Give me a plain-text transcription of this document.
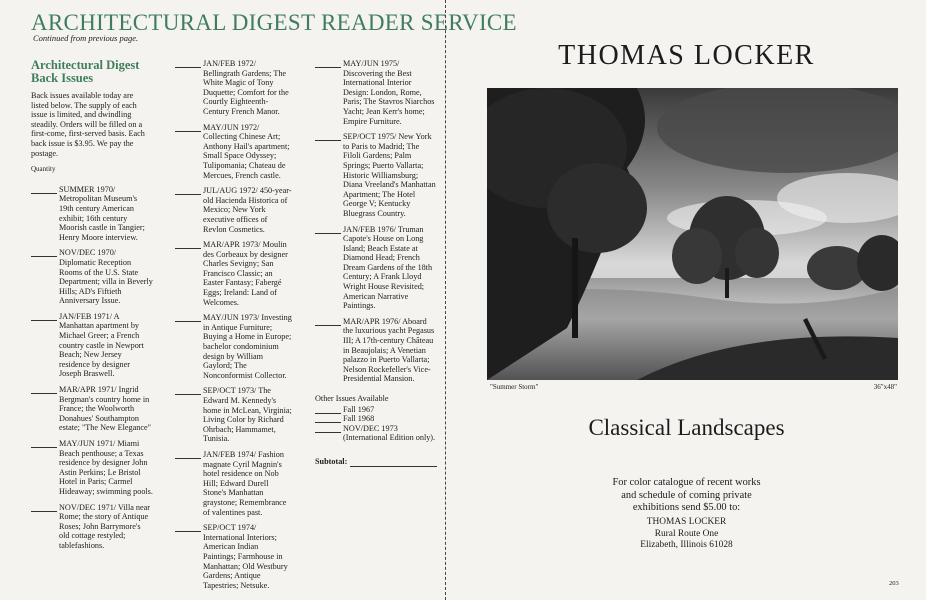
ARCHITECTURAL DIGEST READER SERVICE
Continued from previous page.
Architectural Digest
Back Issues
Back issues available today are listed below. The supply of each issue is limited, and dwindling steadily. Orders will be filled on a first-come, first-served basis. Each back issue is $3.95. We pay the postage.
Quantity
SUMMER 1970/ Metropolitan Museum's 19th century American exhibit; 16th century Moorish castle in Tangier; Henry Moore interview.
NOV/DEC 1970/ Diplomatic Reception Rooms of the U.S. State Department; villa in Beverly Hills; AD's Fiftieth Anniversary Issue.
JAN/FEB 1971/ A Manhattan apartment by Michael Greer; a French country castle in Newport Beach; New Jersey residence by designer Joseph Braswell.
MAR/APR 1971/ Ingrid Bergman's country home in France; the Woolworth Donahues' Southampton estate; "The New Elegance"
MAY/JUN 1971/ Miami Beach penthouse; a Texas residence by designer John Astin Perkins; Le Bristol Hotel in Paris; Carmel Hideaway; swimming pools.
NOV/DEC 1971/ Villa near Rome; the story of Antique Roses; John Barrymore's old cottage restyled; tablefashions.
JAN/FEB 1972/ Bellingrath Gardens; The White Magic of Tony Duquette; Comfort for the Courtly Eighteenth-Century French Manor.
MAY/JUN 1972/ Collecting Chinese Art; Anthony Hail's apartment; Small Space Odyssey; Tulipomania; Chateau de Mercues, French castle.
JUL/AUG 1972/ 450-year-old Hacienda Historica of Mexico; New York executive offices of Revlon Cosmetics.
MAR/APR 1973/ Moulin des Corbeaux by designer Charles Sevigny; San Francisco Classic; an Easter Fantasy; Fabergé Eggs; Ireland: Land of Welcomes.
MAY/JUN 1973/ Investing in Antique Furniture; Buying a Home in Europe; bachelor condominium design by William Gaylord; The Nonconformist Collector.
SEP/OCT 1973/ The Edward M. Kennedy's home in McLean, Virginia; Living Color by Richard Ohrbach; Hammamet, Tunisia.
JAN/FEB 1974/ Fashion magnate Cyril Magnin's hotel residence on Nob Hill; Edward Durell Stone's Manhattan graystone; Remembrance of valentines past.
SEP/OCT 1974/ International Interiors; American Indian Paintings; Farmhouse in Manhattan; Old Westbury Gardens; Antique Tapestries; Netsuke.
MAY/JUN 1975/ Discovering the Best International Interior Design: London, Rome, Paris; The Stavros Niarchos Yacht; Jean Kerr's home; Empire Furniture.
SEP/OCT 1975/ New York to Paris to Madrid; The Filoli Gardens; Palm Springs; Puerto Vallarta; Historic Williamsburg; Diana Vreeland's Manhattan Apartment; The Hotel George V; Kentucky Bluegrass Country.
JAN/FEB 1976/ Truman Capote's House on Long Island; Beach Estate at Diamond Head; French Dream Gardens of the 18th Century; A Frank Lloyd Wright House Revisited; American Narrative Paintings.
MAR/APR 1976/ Aboard the luxurious yacht Pegasus III; A 17th-century Château in Beaujolais; A Venetian palazzo in Puerto Vallarta; Nelson Rockefeller's Vice-Presidential Mansion.
Other Issues Available
Fall 1967
Fall 1968
NOV/DEC 1973 (International Edition only).
Subtotal:
THOMAS LOCKER
"Summer Storm"	36"x48"
Classical Landscapes
For color catalogue of recent works
and schedule of coming private
exhibitions send $5.00 to:
THOMAS LOCKER
Rural Route One
Elizabeth, Illinois 61028
203
